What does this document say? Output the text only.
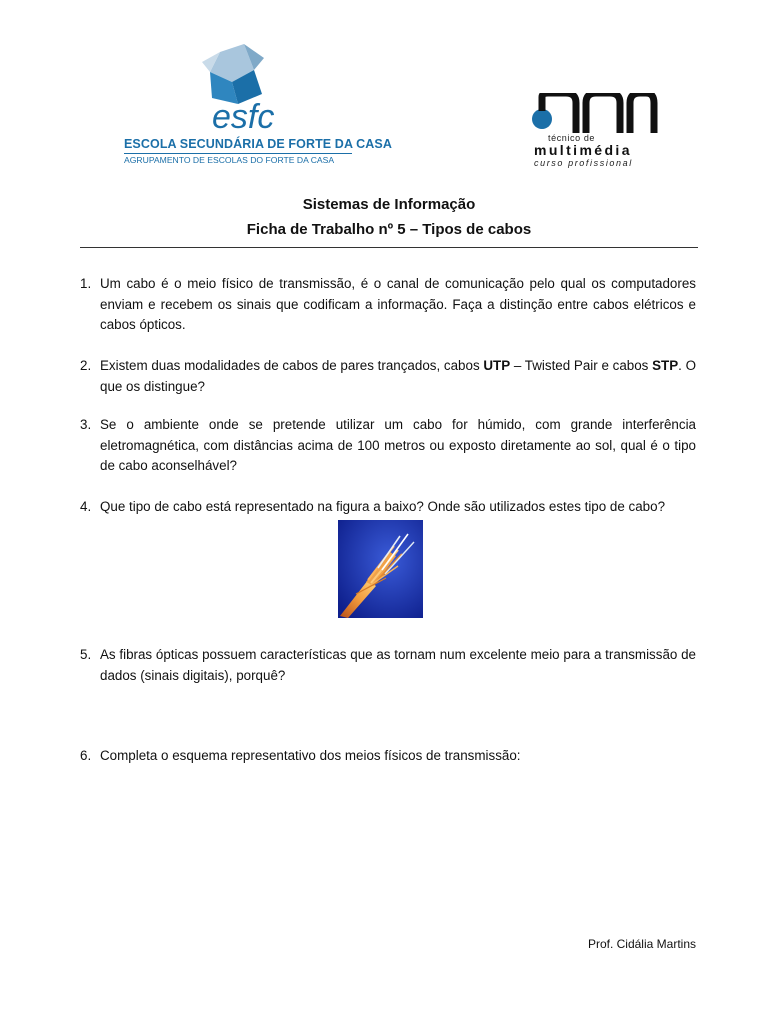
esfc
ESCOLA SECUNDÁRIA DE FORTE DA CASA
AGRUPAMENTO DE ESCOLAS DO FORTE DA CASA
técnico de
multimédia
curso profissional
Sistemas de Informação
Ficha de Trabalho nº 5 – Tipos de cabos
1. Um cabo é o meio físico de transmissão, é o canal de comunicação pelo qual os computadores enviam e recebem os sinais que codificam a informação. Faça a distinção entre cabos elétricos e cabos ópticos.
2. Existem duas modalidades de cabos de pares trançados, cabos UTP – Twisted Pair e cabos STP. O que os distingue?
3. Se o ambiente onde se pretende utilizar um cabo for húmido, com grande interferência eletromagnética, com distâncias acima de 100 metros ou exposto diretamente ao sol, qual é o tipo de cabo aconselhável?
4. Que tipo de cabo está representado na figura a baixo? Onde são utilizados estes tipo de cabo?
5. As fibras ópticas possuem características que as tornam num excelente meio para a transmissão de dados (sinais digitais), porquê?
6. Completa o esquema representativo dos meios físicos de transmissão:
Prof. Cidália Martins
